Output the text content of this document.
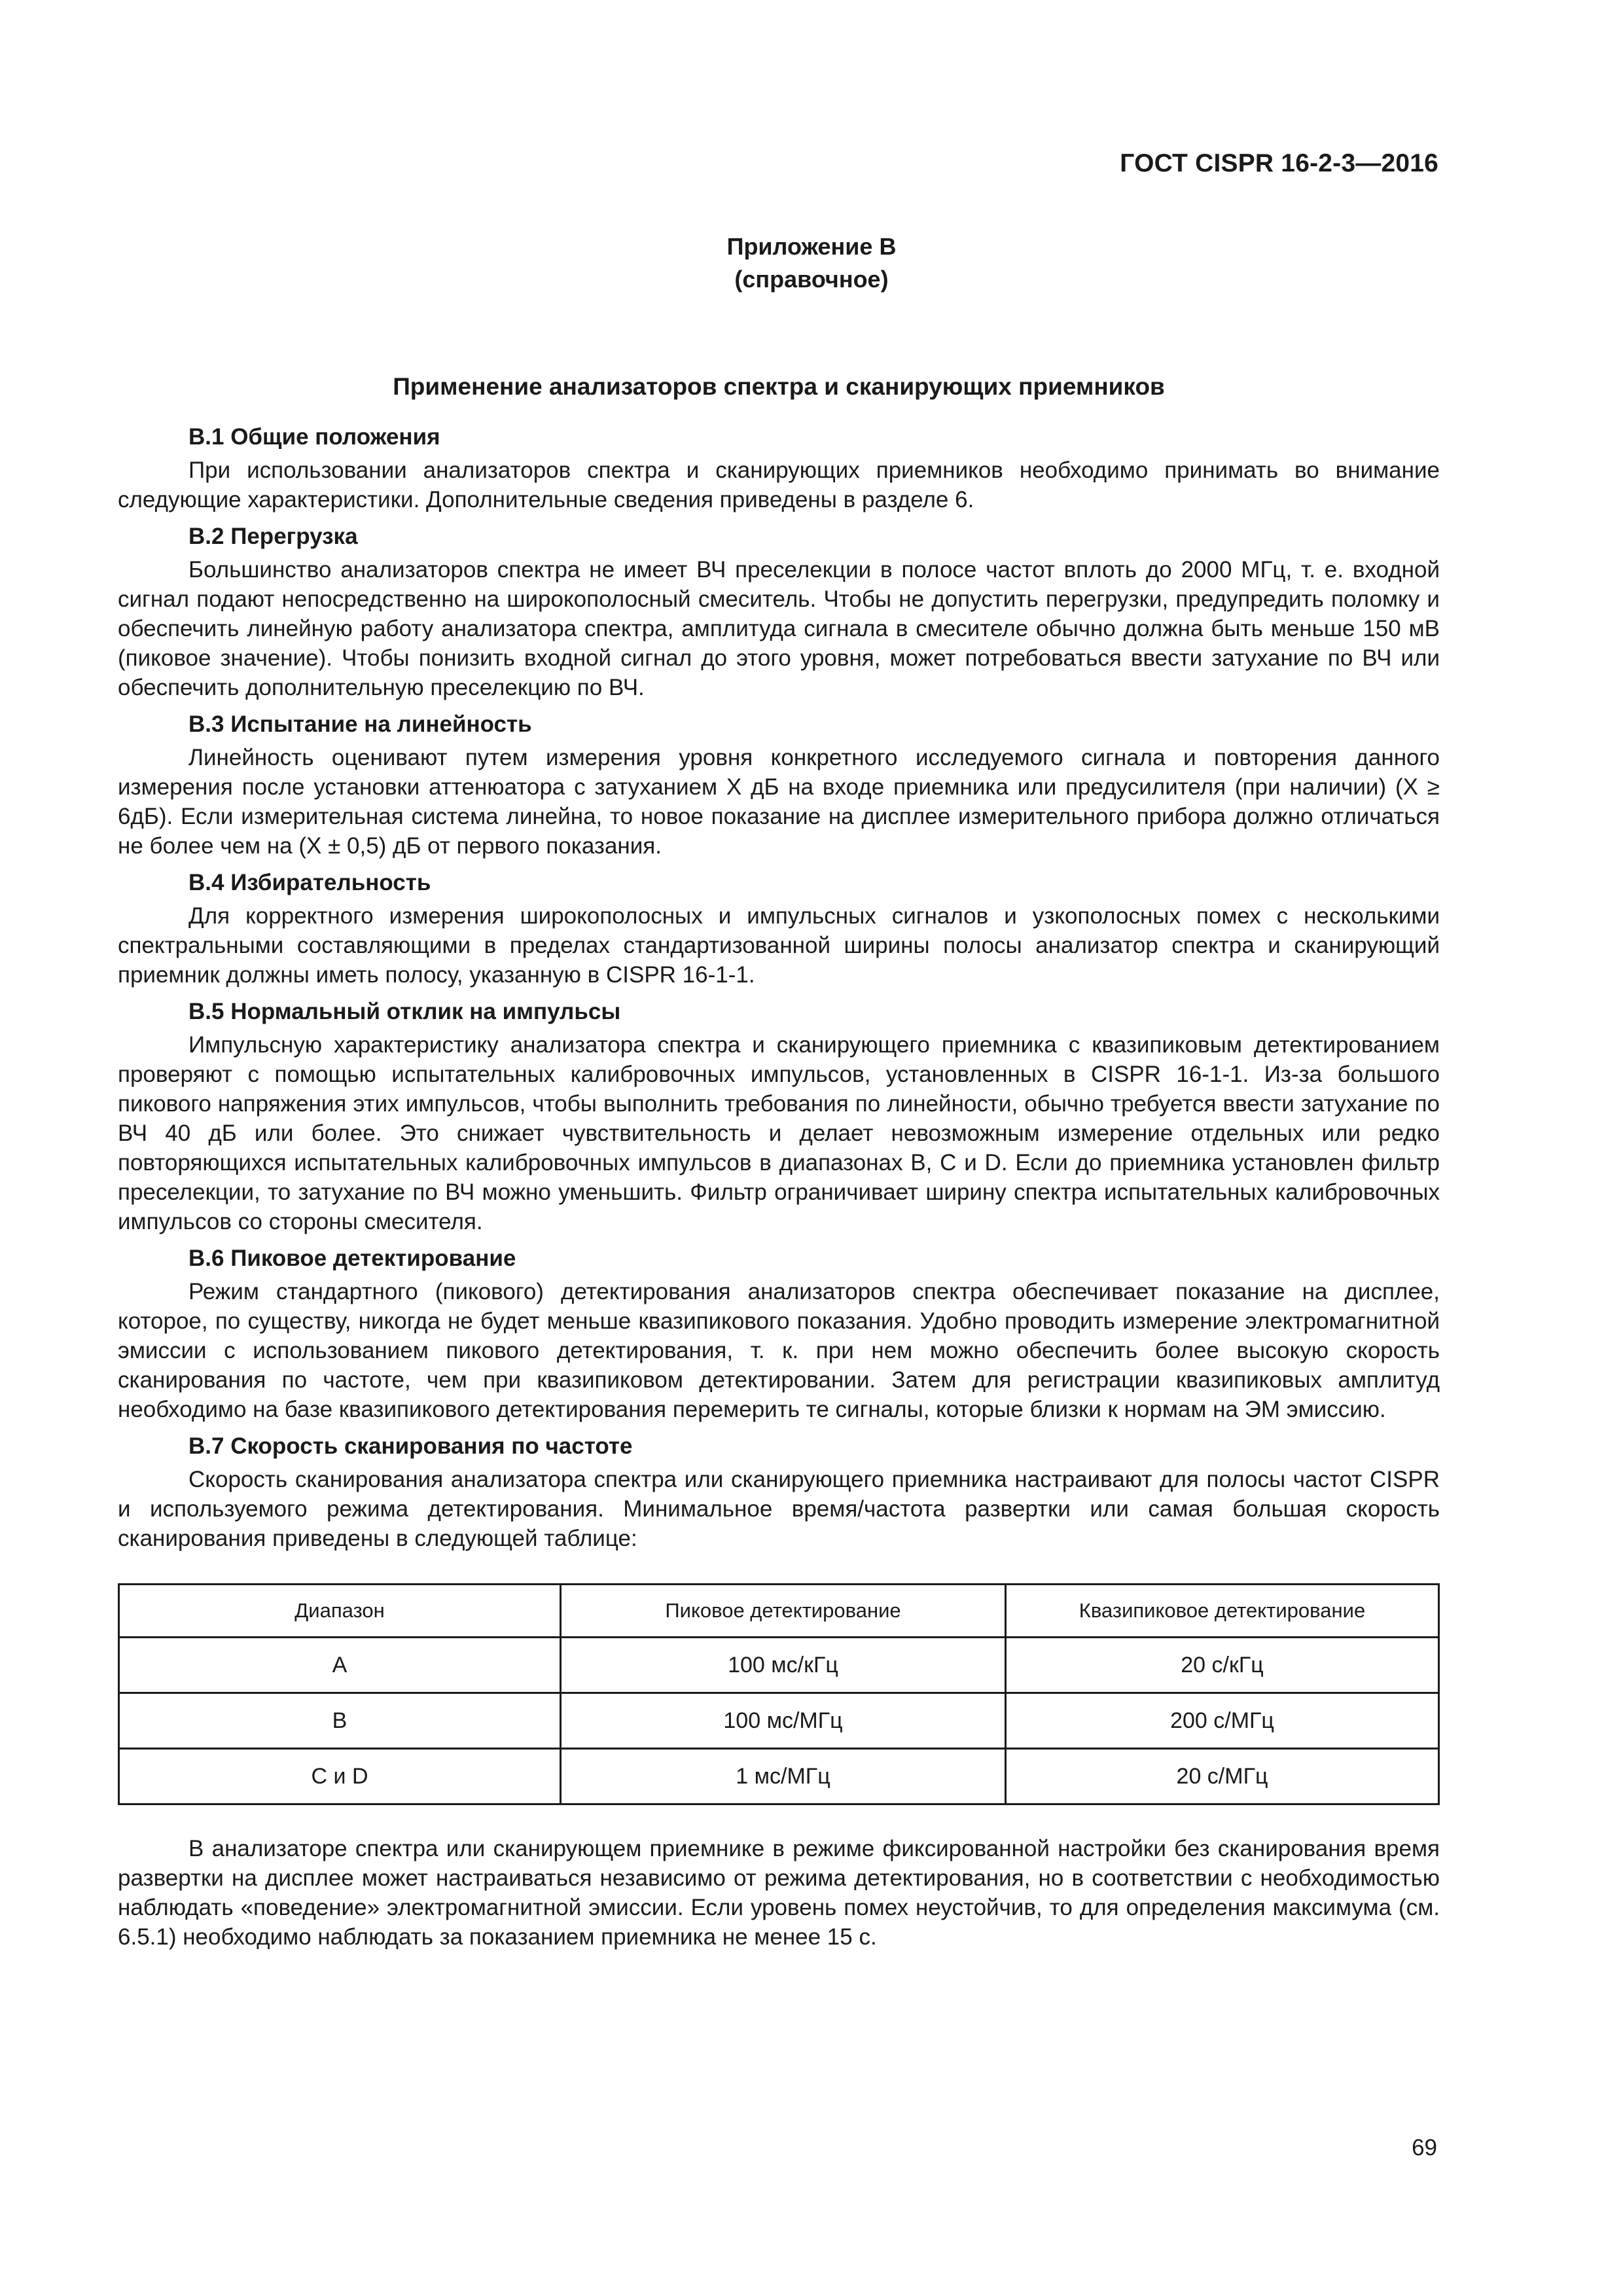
ГОСТ CISPR 16-2-3—2016
Приложение В
(справочное)
Применение анализаторов спектра и сканирующих приемников
В.1 Общие положения

При использовании анализаторов спектра и сканирующих приемников необходимо принимать во внимание следующие характеристики. Дополнительные сведения приведены в разделе 6.

В.2 Перегрузка

Большинство анализаторов спектра не имеет ВЧ преселекции в полосе частот вплоть до 2000 МГц, т. е. входной сигнал подают непосредственно на широкополосный смеситель. Чтобы не допустить перегрузки, предупредить поломку и обеспечить линейную работу анализатора спектра, амплитуда сигнала в смесителе обычно должна быть меньше 150 мВ (пиковое значение). Чтобы понизить входной сигнал до этого уровня, может потребоваться ввести затухание по ВЧ или обеспечить дополнительную преселекцию по ВЧ.

В.3 Испытание на линейность

Линейность оценивают путем измерения уровня конкретного исследуемого сигнала и повторения данного измерения после установки аттенюатора с затуханием X дБ на входе приемника или предусилителя (при наличии) (X ≥ 6дБ). Если измерительная система линейна, то новое показание на дисплее измерительного прибора должно отличаться не более чем на (X ± 0,5) дБ от первого показания.

В.4 Избирательность

Для корректного измерения широкополосных и импульсных сигналов и узкополосных помех с несколькими спектральными составляющими в пределах стандартизованной ширины полосы анализатор спектра и сканирующий приемник должны иметь полосу, указанную в CISPR 16-1-1.

В.5 Нормальный отклик на импульсы

Импульсную характеристику анализатора спектра и сканирующего приемника с квазипиковым детектированием проверяют с помощью испытательных калибровочных импульсов, установленных в CISPR 16-1-1. Из-за большого пикового напряжения этих импульсов, чтобы выполнить требования по линейности, обычно требуется ввести затухание по ВЧ 40 дБ или более. Это снижает чувствительность и делает невозможным измерение отдельных или редко повторяющихся испытательных калибровочных импульсов в диапазонах В, С и D. Если до приемника установлен фильтр преселекции, то затухание по ВЧ можно уменьшить. Фильтр ограничивает ширину спектра испытательных калибровочных импульсов со стороны смесителя.

В.6 Пиковое детектирование

Режим стандартного (пикового) детектирования анализаторов спектра обеспечивает показание на дисплее, которое, по существу, никогда не будет меньше квазипикового показания. Удобно проводить измерение электромагнитной эмиссии с использованием пикового детектирования, т. к. при нем можно обеспечить более высокую скорость сканирования по частоте, чем при квазипиковом детектировании. Затем для регистрации квазипиковых амплитуд необходимо на базе квазипикового детектирования перемерить те сигналы, которые близки к нормам на ЭМ эмиссию.

В.7 Скорость сканирования по частоте

Скорость сканирования анализатора спектра или сканирующего приемника настраивают для полосы частот CISPR и используемого режима детектирования. Минимальное время/частота развертки или самая большая скорость сканирования приведены в следующей таблице:

Диапазон	Пиковое детектирование	Квазипиковое детектирование
A	100 мс/кГц	20 с/кГц
B	100 мс/МГц	200 с/МГц
C и D	1 мс/МГц	20 с/МГц

В анализаторе спектра или сканирующем приемнике в режиме фиксированной настройки без сканирования время развертки на дисплее может настраиваться независимо от режима детектирования, но в соответствии с необходимостью наблюдать «поведение» электромагнитной эмиссии. Если уровень помех неустойчив, то для определения максимума (см. 6.5.1) необходимо наблюдать за показанием приемника не менее 15 с.

69
